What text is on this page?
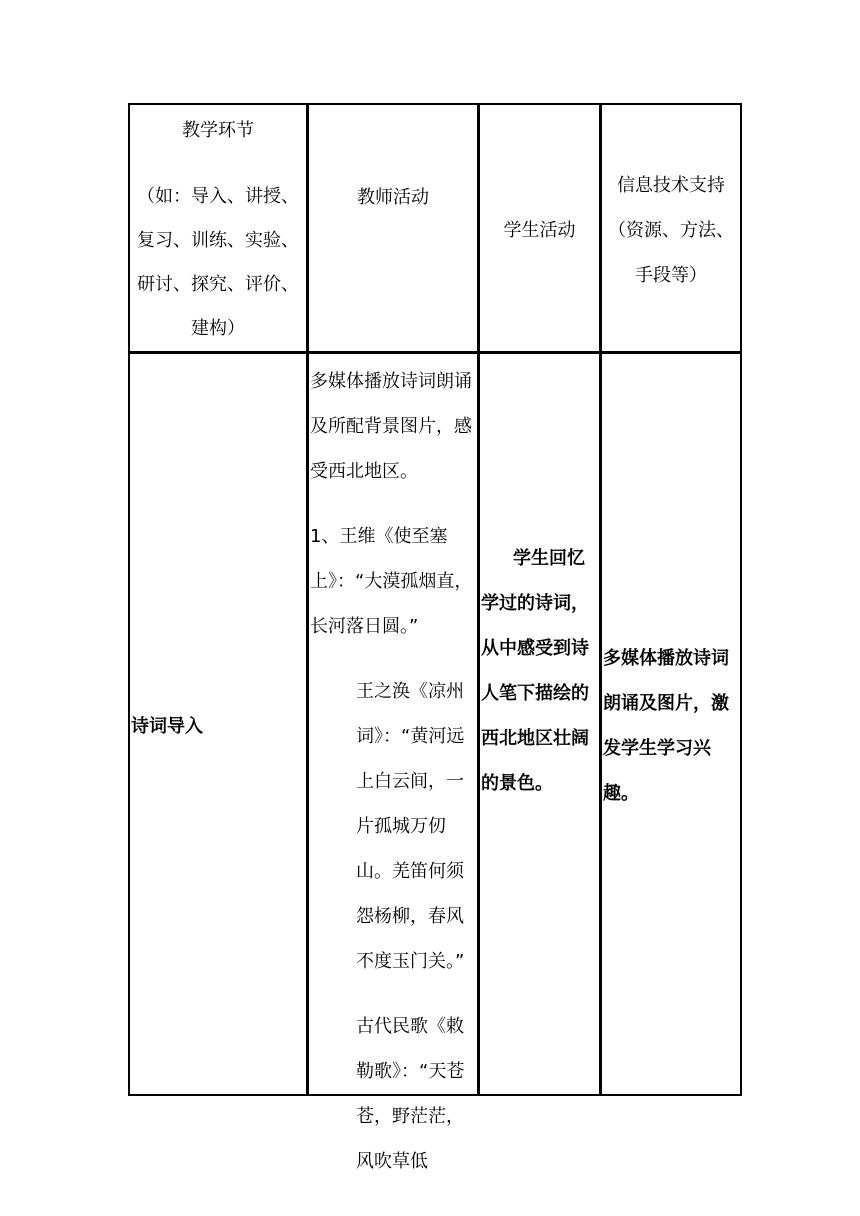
教学环节

（如：导入、讲授、复习、训练、实验、研讨、探究、评价、建构）

教师活动

学生活动

信息技术支持（资源、方法、手段等）

诗词导入

多媒体播放诗词朗诵及所配背景图片，感受西北地区。

1、王维《使至塞上》：“大漠孤烟直，长河落日圆。”

王之涣《凉州词》：“黄河远上白云间，一片孤城万仞山。羌笛何须怨杨柳，春风不度玉门关。”

古代民歌《敕勒歌》：“天苍苍，野茫茫，风吹草低

学生回忆学过的诗词，从中感受到诗人笔下描绘的西北地区壮阔的景色。

多媒体播放诗词朗诵及图片，激发学生学习兴趣。
